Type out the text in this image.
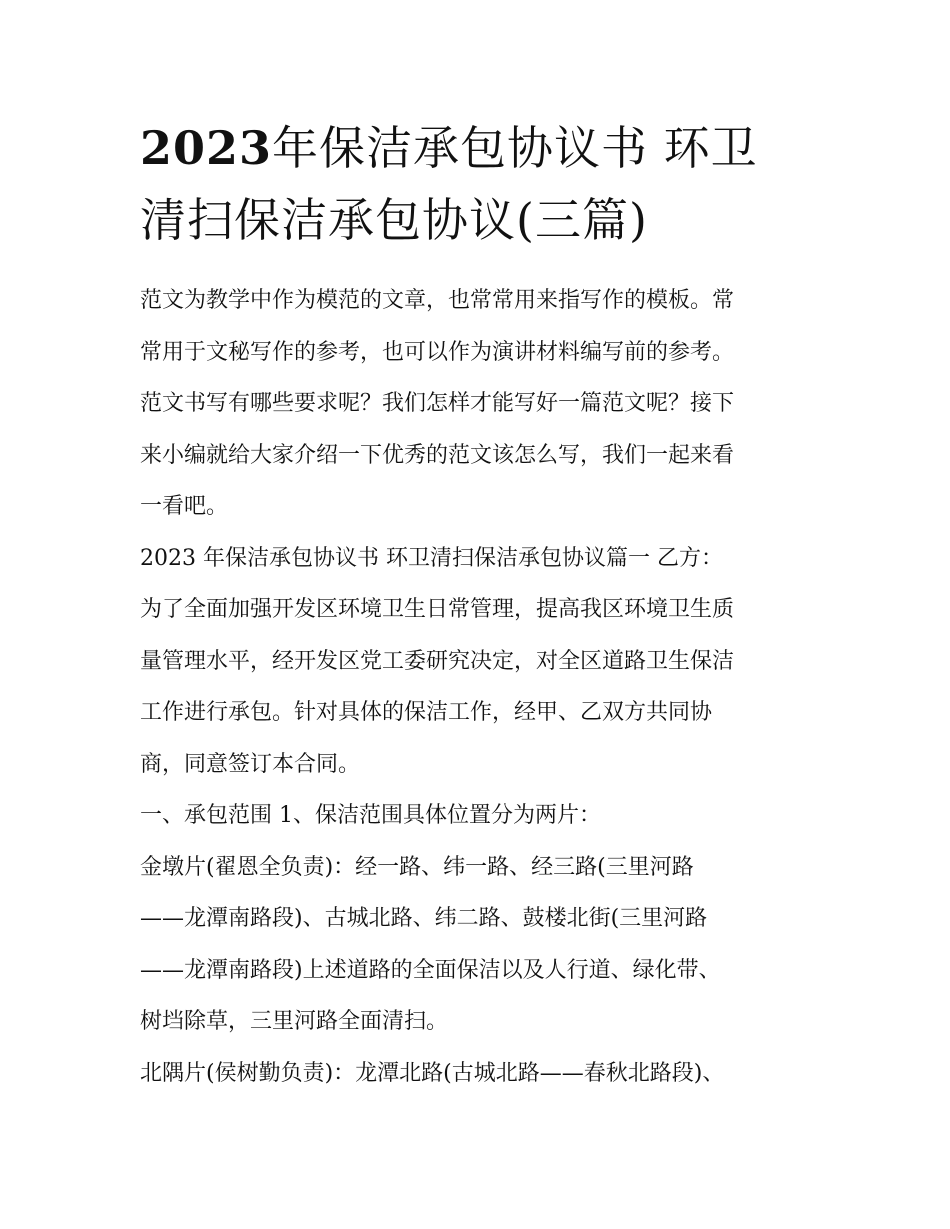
2023年保洁承包协议书 环卫
清扫保洁承包协议(三篇)

范文为教学中作为模范的文章，也常常用来指写作的模板。常
常用于文秘写作的参考，也可以作为演讲材料编写前的参考。
范文书写有哪些要求呢？我们怎样才能写好一篇范文呢？接下
来小编就给大家介绍一下优秀的范文该怎么写，我们一起来看
一看吧。

2023 年保洁承包协议书 环卫清扫保洁承包协议篇一 乙方：

为了全面加强开发区环境卫生日常管理，提高我区环境卫生质
量管理水平，经开发区党工委研究决定，对全区道路卫生保洁
工作进行承包。针对具体的保洁工作，经甲、乙双方共同协
商，同意签订本合同。

一、承包范围 1、保洁范围具体位置分为两片：

金墩片(翟恩全负责)：经一路、纬一路、经三路(三里河路
——龙潭南路段)、古城北路、纬二路、鼓楼北街(三里河路
——龙潭南路段)上述道路的全面保洁以及人行道、绿化带、
树垱除草，三里河路全面清扫。

北隅片(侯树勤负责)：龙潭北路(古城北路——春秋北路段)、
